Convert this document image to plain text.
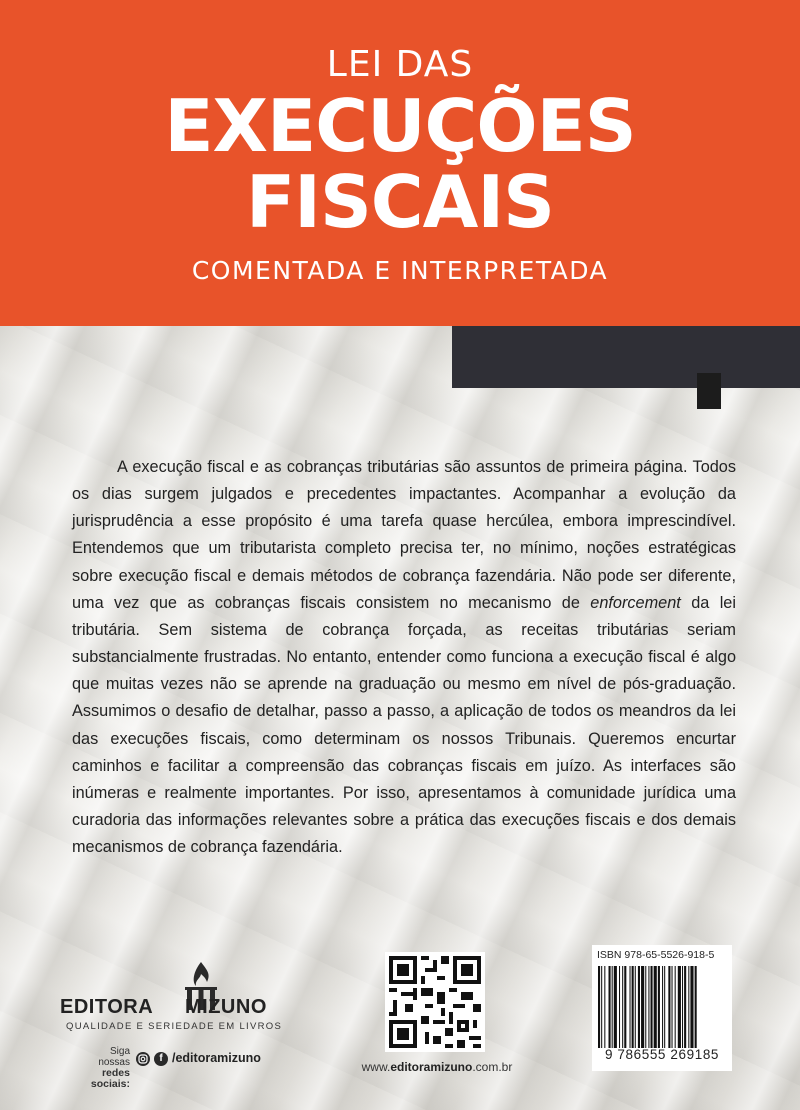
LEI DAS
EXECUÇÕES
FISCAIS
COMENTADA E INTERPRETADA

A execução fiscal e as cobranças tributárias são assuntos de primeira página. Todos os dias surgem julgados e precedentes impactantes. Acompanhar a evolução da jurisprudência a esse propósito é uma tarefa quase hercúlea, embora imprescindível. Entendemos que um tributarista completo precisa ter, no mínimo, noções estratégicas sobre execução fiscal e demais métodos de cobrança fazendária. Não pode ser diferente, uma vez que as cobranças fiscais consistem no mecanismo de enforcement da lei tributária. Sem sistema de cobrança forçada, as receitas tributárias seriam substancialmente frustradas. No entanto, entender como funciona a execução fiscal é algo que muitas vezes não se aprende na graduação ou mesmo em nível de pós-graduação. Assumimos o desafio de detalhar, passo a passo, a aplicação de todos os meandros da lei das execuções fiscais, como determinam os nossos Tribunais. Queremos encurtar caminhos e facilitar a compreensão das cobranças fiscais em juízo. As interfaces são inúmeras e realmente importantes. Por isso, apresentamos à comunidade jurídica uma curadoria das informações relevantes sobre a prática das execuções fiscais e dos demais mecanismos de cobrança fazendária.

EDITORA MIZUNO
QUALIDADE E SERIEDADE EM LIVROS
Siga nossas
redes sociais:
f /editoramizuno
www.editoramizuno.com.br
ISBN 978-65-5526-918-5
9 786555 269185
